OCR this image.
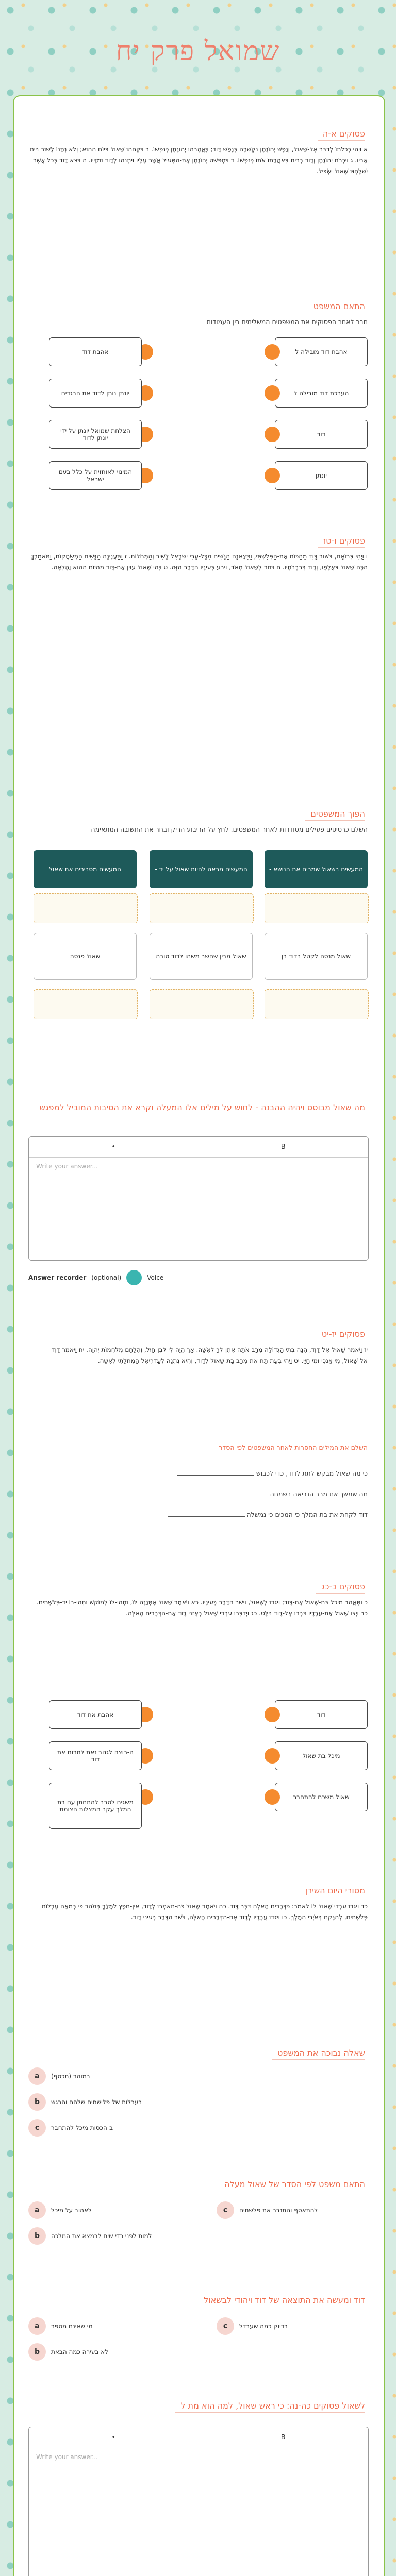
שמואל פרק יח
פסוקים א-ה
א וַיְהִי כְּכַלֹּתוֹ לְדַבֵּר אֶל-שָׁאוּל, וְנֶפֶשׁ יְהוֹנָתָן נִקְשְׁרָה בְּנֶפֶשׁ דָּוִד; וַיֶּאֱהָבֵהוּ יְהוֹנָתָן כְּנַפְשׁוֹ. ב וַיִּקָּחֵהוּ שָׁאוּל בַּיּוֹם הַהוּא; וְלֹא נְתָנוֹ לָשׁוּב בֵּית אָבִיו. ג וַיִּכְרֹת יְהוֹנָתָן וְדָוִד בְּרִית בְּאַהֲבָתוֹ אֹתוֹ כְּנַפְשׁוֹ. ד וַיִּתְפַּשֵּׁט יְהוֹנָתָן אֶת-הַמְּעִיל אֲשֶׁר עָלָיו וַיִּתְּנֵהוּ לְדָוִד וּמַדָּיו. ה וַיֵּצֵא דָוִד בְּכֹל אֲשֶׁר יִשְׁלָחֶנּוּ שָׁאוּל יַשְׂכִּיל.
התאם המשפט
חבר לאחר הפסוקים את המשפטים המשלימים בין העמודות
אהבת דוד מובילה ל
אהבת דוד
הערכת דוד מובילה ל
יונתן נותן לדוד את הבגדים
דוד
הצלחת שמואל יונתן על ידי יונתן לדוד
יונתן
המינוי לאוחזית על כלל בעם ישראל
פסוקים ו-טז
ו וַיְהִי בְּבוֹאָם, בְּשׁוּב דָּוִד מֵהַכּוֹת אֶת-הַפְּלִשְׁתִּי, וַתֵּצֶאנָה הַנָּשִׁים מִכָּל-עָרֵי יִשְׂרָאֵל לָשִׁיר וְהַמְּחֹלוֹת. ז וַתַּעֲנֶינָה הַנָּשִׁים הַמְשַׂחֲקוֹת, וַתֹּאמַרְןָ: הִכָּה שָׁאוּל בַּאֲלָפָו, וְדָוִד בְּרִבְבֹתָיו. ח וַיִּחַר לְשָׁאוּל מְאֹד, וַיֵּרַע בְּעֵינָיו הַדָּבָר הַזֶּה. ט וַיְהִי שָׁאוּל עוֹיֵן אֶת-דָּוִד מֵהַיּוֹם הַהוּא וָהָלְאָה.
הפוך המשפטים
השלם כרטיסים פעילים מסודרות לאחר המשפטים. לחץ על הריבוע הריק ובחר את התשובה המתאימה
המעשים בשאול שמרים את הנושא -
המעשים מראה להיות שאול על יד -
המעשים מסבירים את שאול
שאול מנסה לקטל בדוד בן
שאול מבין שחשב משהו לדוד טובה
שאול פגסה
מה שאול מבוסס ויהיה ההבנה - לחוש על מילים אלו המעלה וקרא את הסיבות המוביל למפגש
•	B
Write your answer...
Answer recorder (optional)	Voice
פסוקים יז-יט
יז וַיֹּאמֶר שָׁאוּל אֶל-דָּוִד, הִנֵּה בִתִּי הַגְּדוֹלָה מֵרַב אֹתָהּ אֶתֶּן-לְךָ לְאִשָּׁה. אַךְ הֱיֵה-לִי לְבֶן-חַיִל, וְהִלָּחֵם מִלְחֲמוֹת יְהוָה. יח וַיֹּאמֶר דָּוִד אֶל-שָׁאוּל, מִי אָנֹכִי וּמִי חַיַּי. יט וַיְהִי בְּעֵת תֵּת אֶת-מֵרַב בַּת-שָׁאוּל לְדָוִד, וְהִיא נִתְּנָה לְעַדְרִיאֵל הַמְּחֹלָתִי לְאִשָּׁה.
השלם את המילים החסרות לאחר המשפטים לפי הסדר
כי מה שאול מבקש לתת לדוד, כדי לכבוש
מה שמשך את מרב הנביאה בשמחה
דוד לקחת את בת המלך כי המכים כי נמשלה
פסוקים כ-כג
כ וַתֶּאֱהַב מִיכַל בַּת-שָׁאוּל אֶת-דָּוִד; וַיַּגִּדוּ לְשָׁאוּל, וַיִּשַׁר הַדָּבָר בְּעֵינָיו. כא וַיֹּאמֶר שָׁאוּל אֶתְּנֶנָּה לּוֹ, וּתְהִי-לוֹ לְמוֹקֵשׁ וּתְהִי-בוֹ יַד-פְּלִשְׁתִּים. כב וַיְצַו שָׁאוּל אֶת-עֲבָדָיו דַּבְּרוּ אֶל-דָּוִד בַּלָּט. כג וַיְדַבְּרוּ עַבְדֵי שָׁאוּל בְּאָזְנֵי דָוִד אֶת-הַדְּבָרִים הָאֵלֶּה.
דוד
אהבת את דוד
מיכל בת שאול
ה-רוצה לגנוב זאת לתרום את דוד
שאול משכם להתחבר
משגיח לסרב להתחתן עם בת המלך עקב המצלות הצומת
מסורי היום השירן
כד וַיַּגִּדוּ עַבְדֵי שָׁאוּל לוֹ לֵאמֹר: כַּדְּבָרִים הָאֵלֶּה דִּבֶּר דָּוִד. כה וַיֹּאמֶר שָׁאוּל כֹּה-תֹאמְרוּ לְדָוִד, אֵין-חֵפֶץ לַמֶּלֶךְ בְּמֹהַר כִּי בְּמֵאָה עָרְלוֹת פְּלִשְׁתִּים, לְהִנָּקֵם בְּאֹיְבֵי הַמֶּלֶךְ. כו וַיַּגִּדוּ עֲבָדָיו לְדָוִד אֶת-הַדְּבָרִים הָאֵלֶּה, וַיִּשַׁר הַדָּבָר בְּעֵינֵי דָוִד.
שאלה נבוכה את המשפט
a	במוהר (תכסף)
b	בערלות של פלישתים שלהם והרגש
c	ב-הכסות מיכל להתחבר
התאם משפט לפי הסדר של שאול מעלה
a	לאהוב על מיכל	c	להתאסף והתנבר את פלשתים
b	למות לפני כדי שים לבמצא את המלכה
דוד ומעשה את התוצאה של דוד ויהודי לבשאול
a	מי שאינם מספר	c	בדיוק כמה שעבדל
b	לא בעירה כמה הבאת
לשאול פסוקים כה-נה: כי ראש שאול, למה הוא מת ל
•	B
Write your answer...
